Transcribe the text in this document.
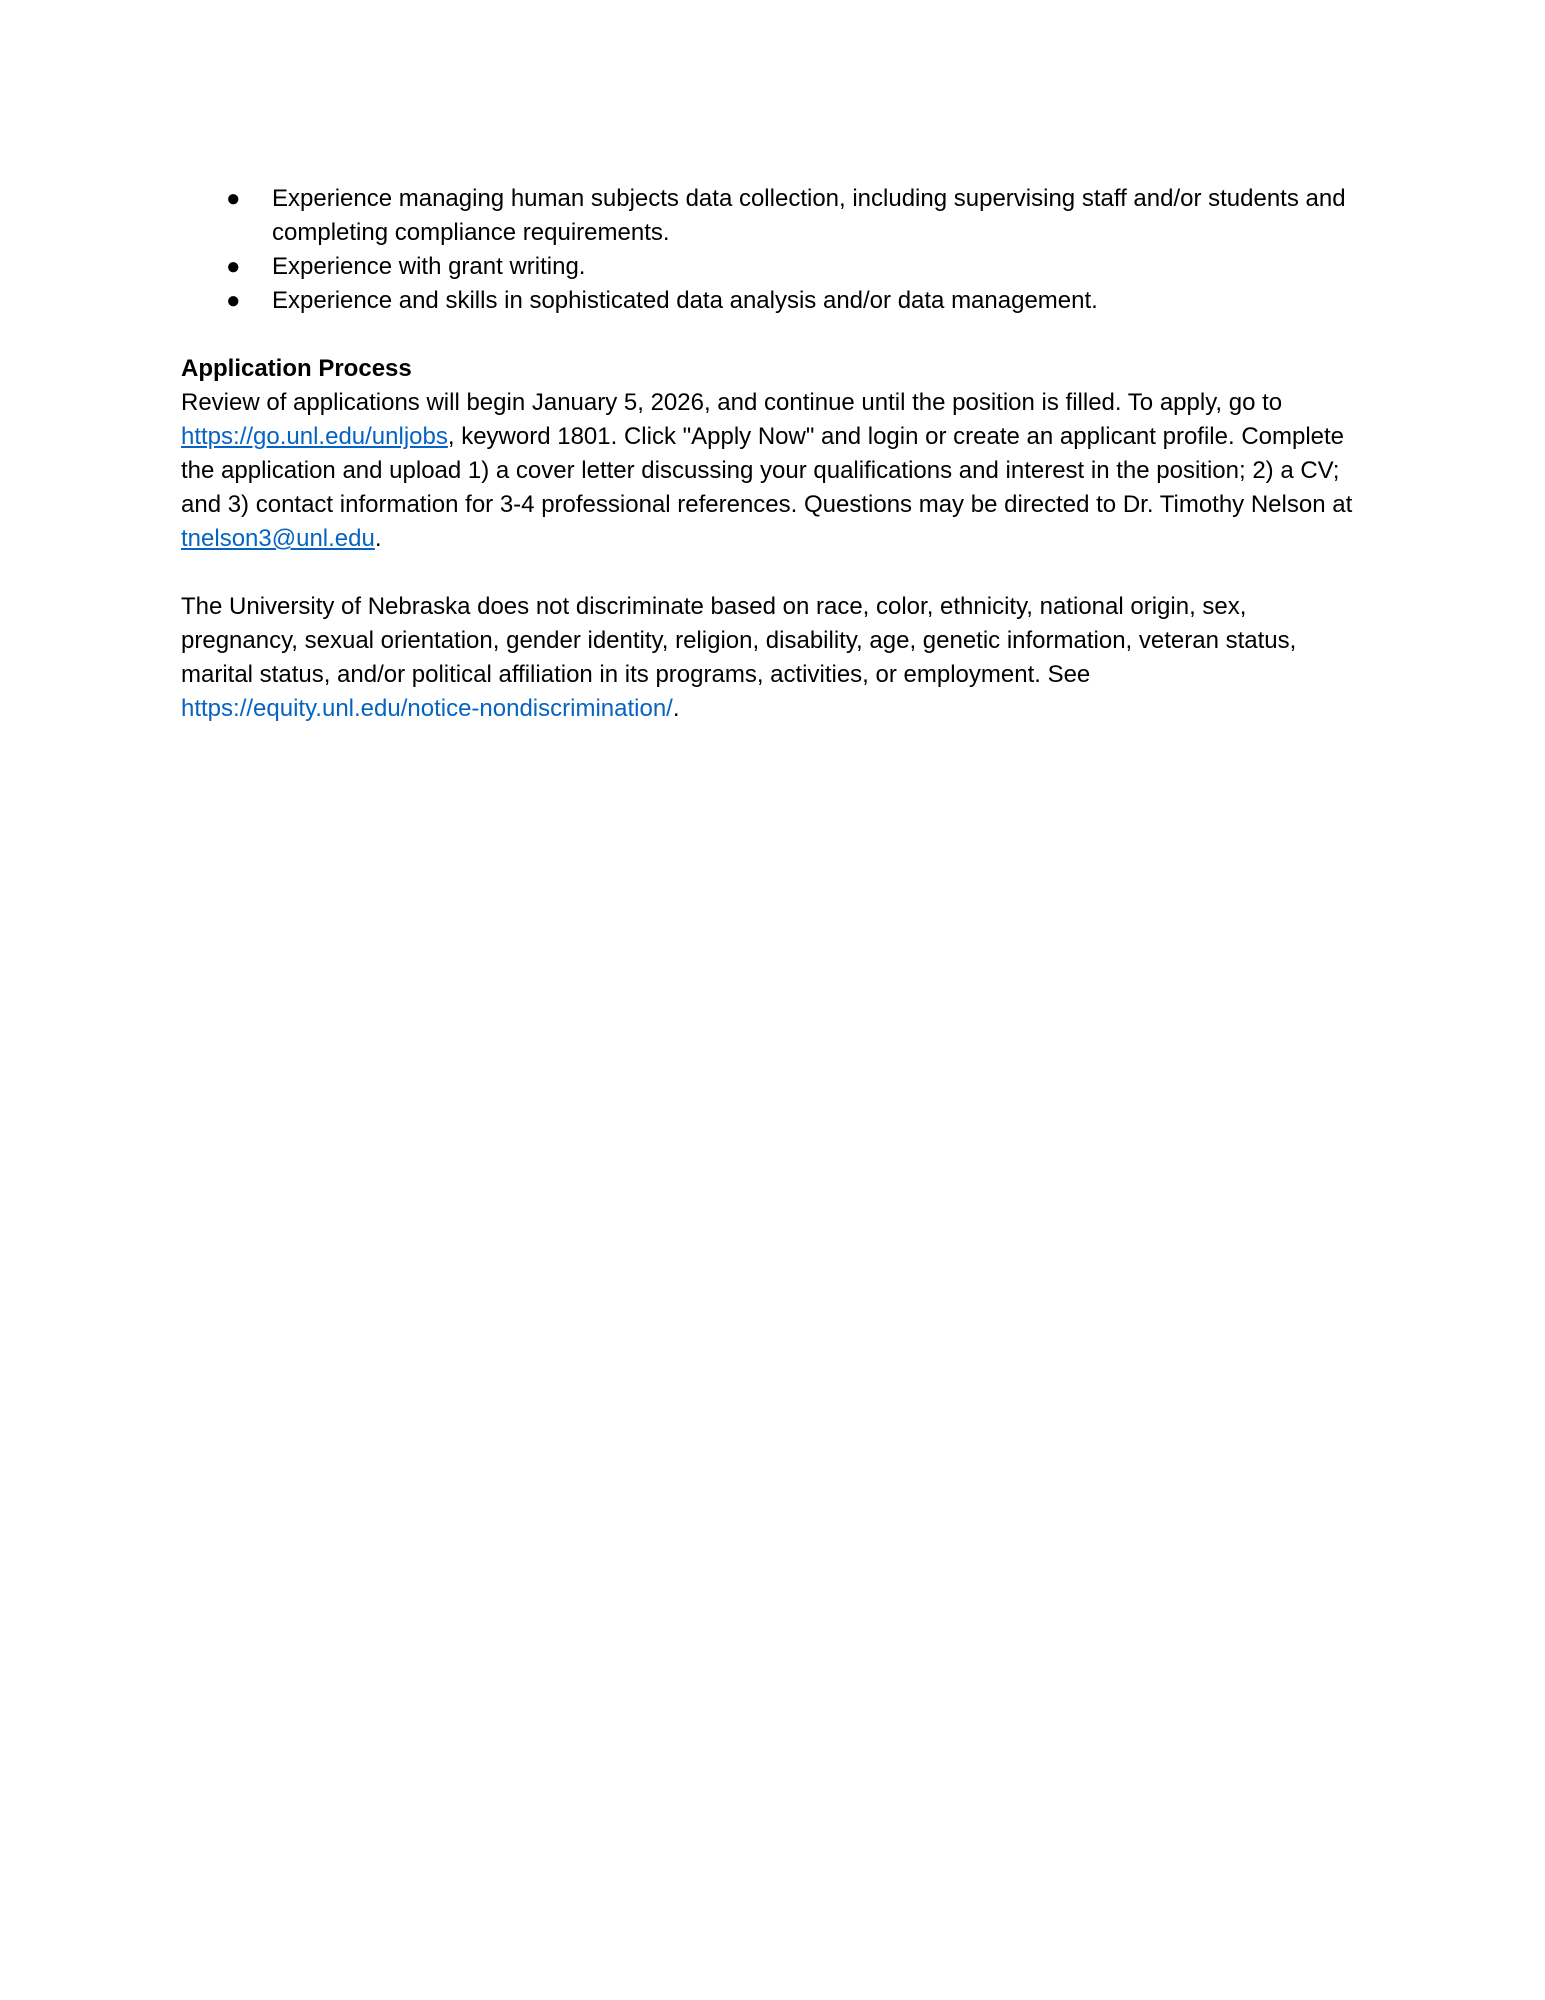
● Experience managing human subjects data collection, including supervising staff and/or students and completing compliance requirements.
● Experience with grant writing.
● Experience and skills in sophisticated data analysis and/or data management.
Application Process

Review of applications will begin January 5, 2026, and continue until the position is filled. To apply, go to https://go.unl.edu/unljobs, keyword 1801. Click "Apply Now" and login or create an applicant profile. Complete the application and upload 1) a cover letter discussing your qualifications and interest in the position; 2) a CV; and 3) contact information for 3-4 professional references. Questions may be directed to Dr. Timothy Nelson at tnelson3@unl.edu.

The University of Nebraska does not discriminate based on race, color, ethnicity, national origin, sex, pregnancy, sexual orientation, gender identity, religion, disability, age, genetic information, veteran status, marital status, and/or political affiliation in its programs, activities, or employment. See https://equity.unl.edu/notice-nondiscrimination/.
